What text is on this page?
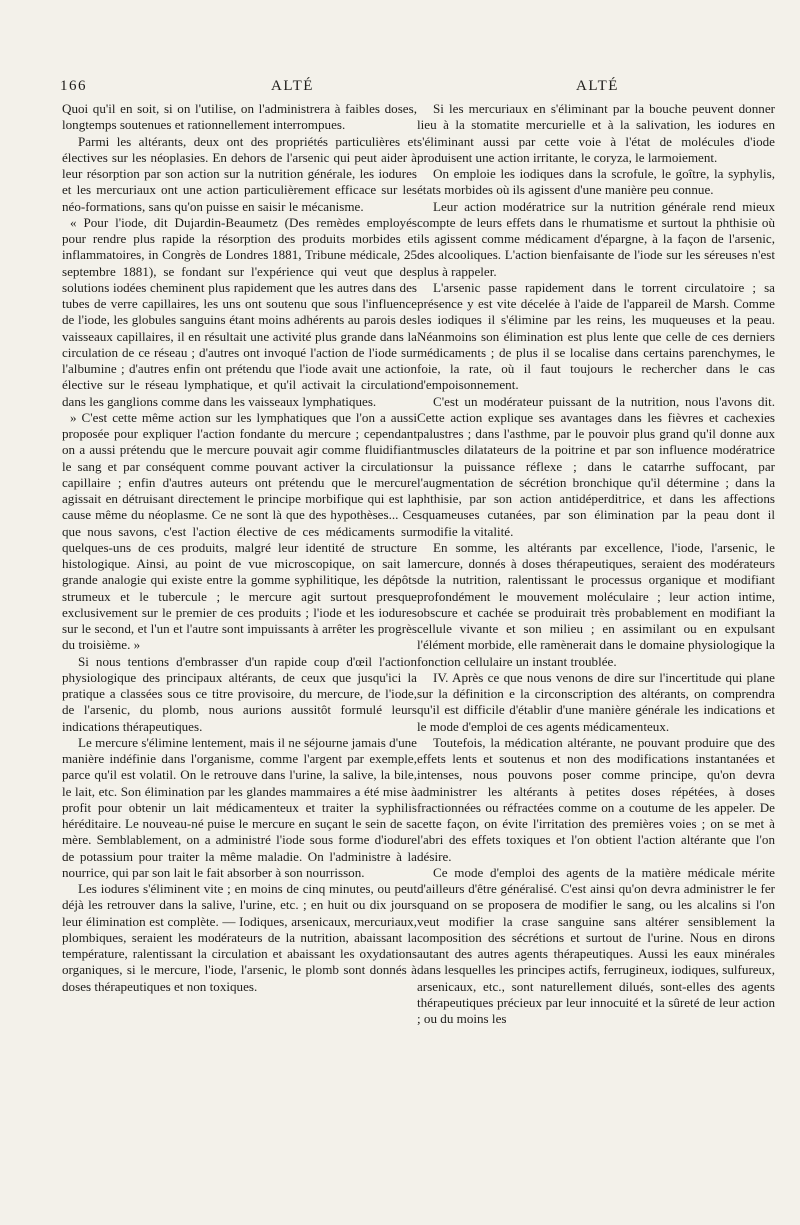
166	ALTÉ	ALTÉ

Quoi qu'il en soit, si on l'utilise, on l'administrera à faibles doses, longtemps soutenues et rationnellement interrompues.

Parmi les altérants, deux ont des propriétés particulières et électives sur les néoplasies. En dehors de l'arsenic qui peut aider à leur résorption par son action sur la nutrition générale, les iodures et les mercuriaux ont une action particulièrement efficace sur les néo-formations, sans qu'on puisse en saisir le mécanisme.

« Pour l'iode, dit Dujardin-Beaumetz (Des remèdes employés pour rendre plus rapide la résorption des produits morbides et inflammatoires, in Congrès de Londres 1881, Tribune médicale, 25 septembre 1881), se fondant sur l'expérience qui veut que des solutions iodées cheminent plus rapidement que les autres dans des tubes de verre capillaires, les uns ont soutenu que sous l'influence de l'iode, les globules sanguins étant moins adhérents au parois des vaisseaux capillaires, il en résultait une activité plus grande dans la circulation de ce réseau ; d'autres ont invoqué l'action de l'iode sur l'albumine ; d'autres enfin ont prétendu que l'iode avait une action élective sur le réseau lymphatique, et qu'il activait la circulation dans les ganglions comme dans les vaisseaux lymphatiques.

» C'est cette même action sur les lymphatiques que l'on a aussi proposée pour expliquer l'action fondante du mercure ; cependant on a aussi prétendu que le mercure pouvait agir comme fluidifiant le sang et par conséquent comme pouvant activer la circulation capillaire ; enfin d'autres auteurs ont prétendu que le mercure agissait en détruisant directement le principe morbifique qui est la cause même du néoplasme. Ce ne sont là que des hypothèses... Ce que nous savons, c'est l'action élective de ces médicaments sur quelques-uns de ces produits, malgré leur identité de structure histologique. Ainsi, au point de vue microscopique, on sait la grande analogie qui existe entre la gomme syphilitique, les dépôts strumeux et le tubercule ; le mercure agit surtout presque exclusivement sur le premier de ces produits ; l'iode et les iodures sur le second, et l'un et l'autre sont impuissants à arrêter les progrès du troisième. »

Si nous tentions d'embrasser d'un rapide coup d'œil l'action physiologique des principaux altérants, de ceux que jusqu'ici la pratique a classées sous ce titre provisoire, du mercure, de l'iode, de l'arsenic, du plomb, nous aurions aussitôt formulé leurs indications thérapeutiques.

Le mercure s'élimine lentement, mais il ne séjourne jamais d'une manière indéfinie dans l'organisme, comme l'argent par exemple, parce qu'il est volatil. On le retrouve dans l'urine, la salive, la bile, le lait, etc. Son élimination par les glandes mammaires a été mise à profit pour obtenir un lait médicamenteux et traiter la syphilis héréditaire. Le nouveau-né puise le mercure en suçant le sein de sa mère. Semblablement, on a administré l'iode sous forme d'iodure de potassium pour traiter la même maladie. On l'administre à la nourrice, qui par son lait le fait absorber à son nourrisson.

Les iodures s'éliminent vite ; en moins de cinq minutes, ou peut déjà les retrouver dans la salive, l'urine, etc. ; en huit ou dix jours leur élimination est complète. — Iodiques, arsenicaux, mercuriaux, plombiques, seraient les modérateurs de la nutrition, abaissant la température, ralentissant la circulation et abaissant les oxydations organiques, si le mercure, l'iode, l'arsenic, le plomb sont donnés à doses thérapeutiques et non toxiques.

Si les mercuriaux en s'éliminant par la bouche peuvent donner lieu à la stomatite mercurielle et à la salivation, les iodures en s'éliminant aussi par cette voie à l'état de molécules d'iode produisent une action irritante, le coryza, le larmoiement.

On emploie les iodiques dans la scrofule, le goître, la syphylis, états morbides où ils agissent d'une manière peu connue.

Leur action modératrice sur la nutrition générale rend mieux compte de leurs effets dans le rhumatisme et surtout la phthisie où ils agissent comme médicament d'épargne, à la façon de l'arsenic, des alcooliques. L'action bienfaisante de l'iode sur les séreuses n'est plus à rappeler.

L'arsenic passe rapidement dans le torrent circulatoire ; sa présence y est vite décelée à l'aide de l'appareil de Marsh. Comme les iodiques il s'élimine par les reins, les muqueuses et la peau. Néanmoins son élimination est plus lente que celle de ces derniers médicaments ; de plus il se localise dans certains parenchymes, le foie, la rate, où il faut toujours le rechercher dans le cas d'empoisonnement.

C'est un modérateur puissant de la nutrition, nous l'avons dit. Cette action explique ses avantages dans les fièvres et cachexies palustres ; dans l'asthme, par le pouvoir plus grand qu'il donne aux muscles dilatateurs de la poitrine et par son influence modératrice sur la puissance réflexe ; dans le catarrhe suffocant, par l'augmentation de sécrétion bronchique qu'il détermine ; dans la phthisie, par son action antidéperditrice, et dans les affections squameuses cutanées, par son élimination par la peau dont il modifie la vitalité.

En somme, les altérants par excellence, l'iode, l'arsenic, le mercure, donnés à doses thérapeutiques, seraient des modérateurs de la nutrition, ralentissant le processus organique et modifiant profondément le mouvement moléculaire ; leur action intime, obscure et cachée se produirait très probablement en modifiant la cellule vivante et son milieu ; en assimilant ou en expulsant l'élément morbide, elle ramènerait dans le domaine physiologique la fonction cellulaire un instant troublée.

IV. Après ce que nous venons de dire sur l'incertitude qui plane sur la définition e la circonscription des altérants, on comprendra qu'il est difficile d'établir d'une manière générale les indications et le mode d'emploi de ces agents médicamenteux.

Toutefois, la médication altérante, ne pouvant produire que des effets lents et soutenus et non des modifications instantanées et intenses, nous pouvons poser comme principe, qu'on devra administrer les altérants à petites doses répétées, à doses fractionnées ou réfractées comme on a coutume de les appeler. De cette façon, on évite l'irritation des premières voies ; on se met à l'abri des effets toxiques et l'on obtient l'action altérante que l'on désire.

Ce mode d'emploi des agents de la matière médicale mérite d'ailleurs d'être généralisé. C'est ainsi qu'on devra administrer le fer quand on se proposera de modifier le sang, ou les alcalins si l'on veut modifier la crase sanguine sans altérer sensiblement la composition des sécrétions et surtout de l'urine. Nous en dirons autant des autres agents thérapeutiques. Aussi les eaux minérales dans lesquelles les principes actifs, ferrugineux, iodiques, sulfureux, arsenicaux, etc., sont naturellement dilués, sont-elles des agents thérapeutiques précieux par leur innocuité et la sûreté de leur action ; ou du moins les
